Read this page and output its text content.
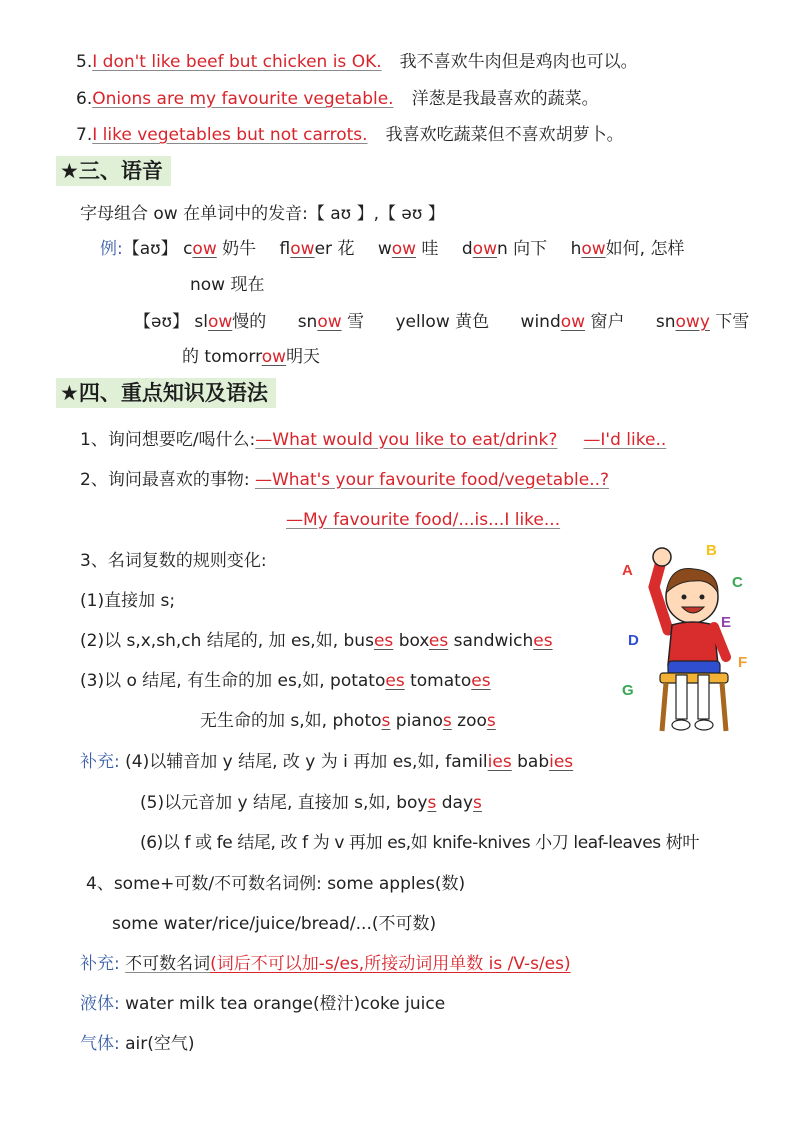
5.I don't like beef but chicken is OK. 我不喜欢牛肉但是鸡肉也可以。
6.Onions are my favourite vegetable. 洋葱是我最喜欢的蔬菜。
7.I like vegetables but not carrots. 我喜欢吃蔬菜但不喜欢胡萝卜。
★三、语音
字母组合 ow 在单词中的发音:【 aʊ 】,【 əʊ 】
例:【aʊ】 cow 奶牛 flower 花 wow 哇 down 向下 how如何, 怎样
now 现在
【əʊ】 slow慢的 snow 雪 yellow 黄色 window 窗户 snowy 下雪
的 tomorrow明天
★四、重点知识及语法
1、询问想要吃/喝什么:—What would you like to eat/drink? —I'd like..
2、询问最喜欢的事物: —What's your favourite food/vegetable..?
—My favourite food/...is...I like...
3、名词复数的规则变化:
(1)直接加 s;
(2)以 s,x,sh,ch 结尾的, 加 es,如, buses boxes sandwiches
(3)以 o 结尾, 有生命的加 es,如, potatoes tomatoes
无生命的加 s,如, photos pianos zoos
补充: (4)以辅音加 y 结尾, 改 y 为 i 再加 es,如, families babies
(5)以元音加 y 结尾, 直接加 s,如, boys days
(6)以 f 或 fe 结尾, 改 f 为 v 再加 es,如 knife-knives 小刀 leaf-leaves 树叶
4、some+可数/不可数名词例: some apples(数)
some water/rice/juice/bread/...(不可数)
补充: 不可数名词(词后不可以加-s/es,所接动词用单数 is /V-s/es)
液体: water milk tea orange(橙汁)coke juice
气体: air(空气)
A
B
C
D
E
F
G
